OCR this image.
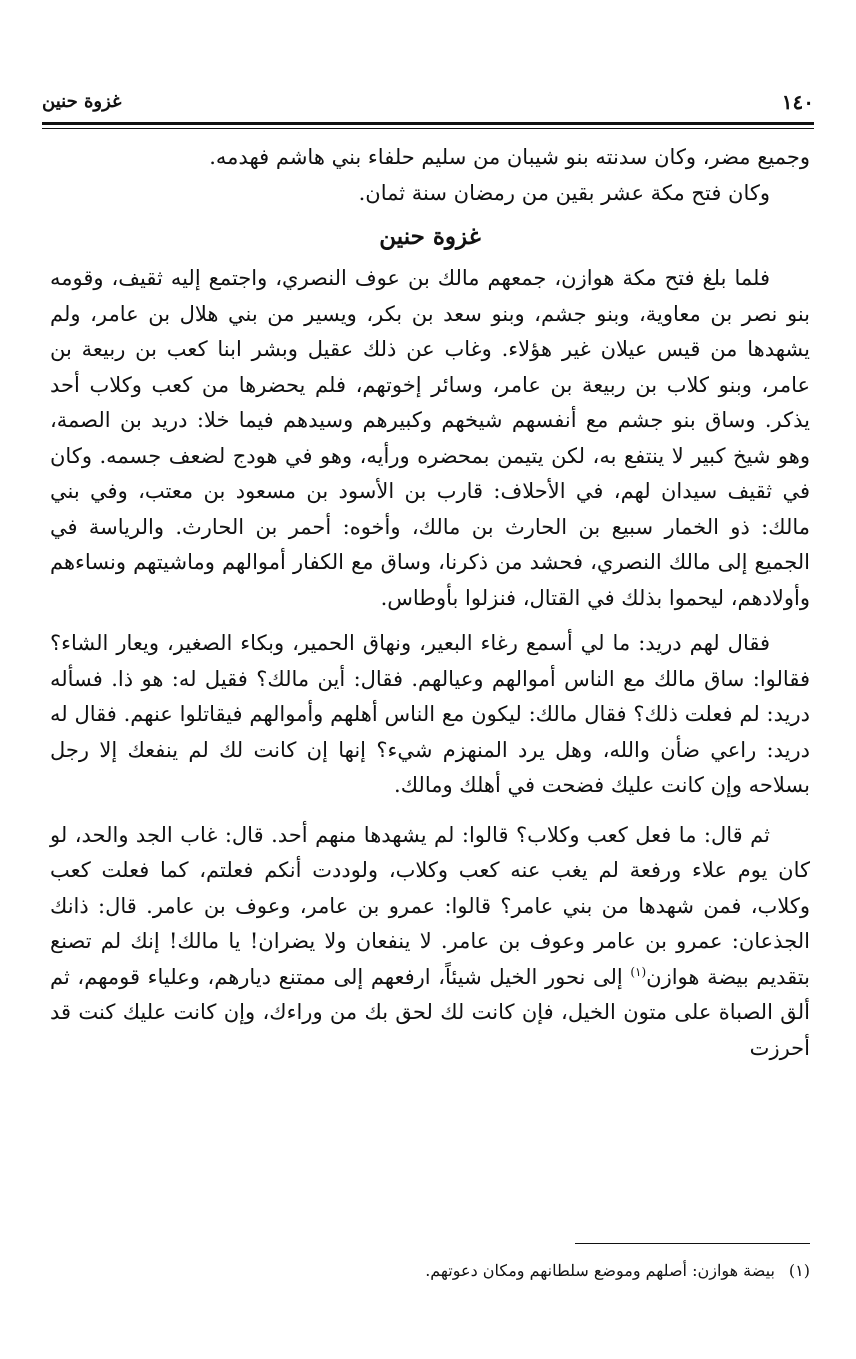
١٤٠
غزوة حنين

وجميع مضر، وكان سدنته بنو شيبان من سليم حلفاء بني هاشم فهدمه.

وكان فتح مكة عشر بقين من رمضان سنة ثمان.

غزوة حنين

فلما بلغ فتح مكة هوازن، جمعهم مالك بن عوف النصري، واجتمع إليه ثقيف، وقومه بنو نصر بن معاوية، وبنو جشم، وبنو سعد بن بكر، ويسير من بني هلال بن عامر، ولم يشهدها من قيس عيلان غير هؤلاء. وغاب عن ذلك عقيل وبشر ابنا كعب بن ربيعة بن عامر، وبنو كلاب بن ربيعة بن عامر، وسائر إخوتهم، فلم يحضرها من كعب وكلاب أحد يذكر. وساق بنو جشم مع أنفسهم شيخهم وكبيرهم وسيدهم فيما خلا: دريد بن الصمة، وهو شيخ كبير لا ينتفع به، لكن يتيمن بمحضره ورأيه، وهو في هودج لضعف جسمه. وكان في ثقيف سيدان لهم، في الأحلاف: قارب بن الأسود بن مسعود بن معتب، وفي بني مالك: ذو الخمار سبيع بن الحارث بن مالك، وأخوه: أحمر بن الحارث. والرياسة في الجميع إلى مالك النصري، فحشد من ذكرنا، وساق مع الكفار أموالهم وماشيتهم ونساءهم وأولادهم، ليحموا بذلك في القتال، فنزلوا بأوطاس.

فقال لهم دريد: ما لي أسمع رغاء البعير، ونهاق الحمير، وبكاء الصغير، ويعار الشاء؟ فقالوا: ساق مالك مع الناس أموالهم وعيالهم. فقال: أين مالك؟ فقيل له: هو ذا. فسأله دريد: لم فعلت ذلك؟ فقال مالك: ليكون مع الناس أهلهم وأموالهم فيقاتلوا عنهم. فقال له دريد: راعي ضأن والله، وهل يرد المنهزم شيء؟ إنها إن كانت لك لم ينفعك إلا رجل بسلاحه وإن كانت عليك فضحت في أهلك ومالك.

ثم قال: ما فعل كعب وكلاب؟ قالوا: لم يشهدها منهم أحد. قال: غاب الجد والحد، لو كان يوم علاء ورفعة لم يغب عنه كعب وكلاب، ولوددت أنكم فعلتم، كما فعلت كعب وكلاب، فمن شهدها من بني عامر؟ قالوا: عمرو بن عامر، وعوف بن عامر. قال: ذانك الجذعان: عمرو بن عامر وعوف بن عامر. لا ينفعان ولا يضران! يا مالك! إنك لم تصنع بتقديم بيضة هوازن$^{(١)}$ إلى نحور الخيل شيئاً، ارفعهم إلى ممتنع ديارهم، وعلياء قومهم، ثم ألق الصباة على متون الخيل، فإن كانت لك لحق بك من وراءك، وإن كانت عليك كنت قد أحرزت

(١)بيضة هوازن: أصلهم وموضع سلطانهم ومكان دعوتهم.
